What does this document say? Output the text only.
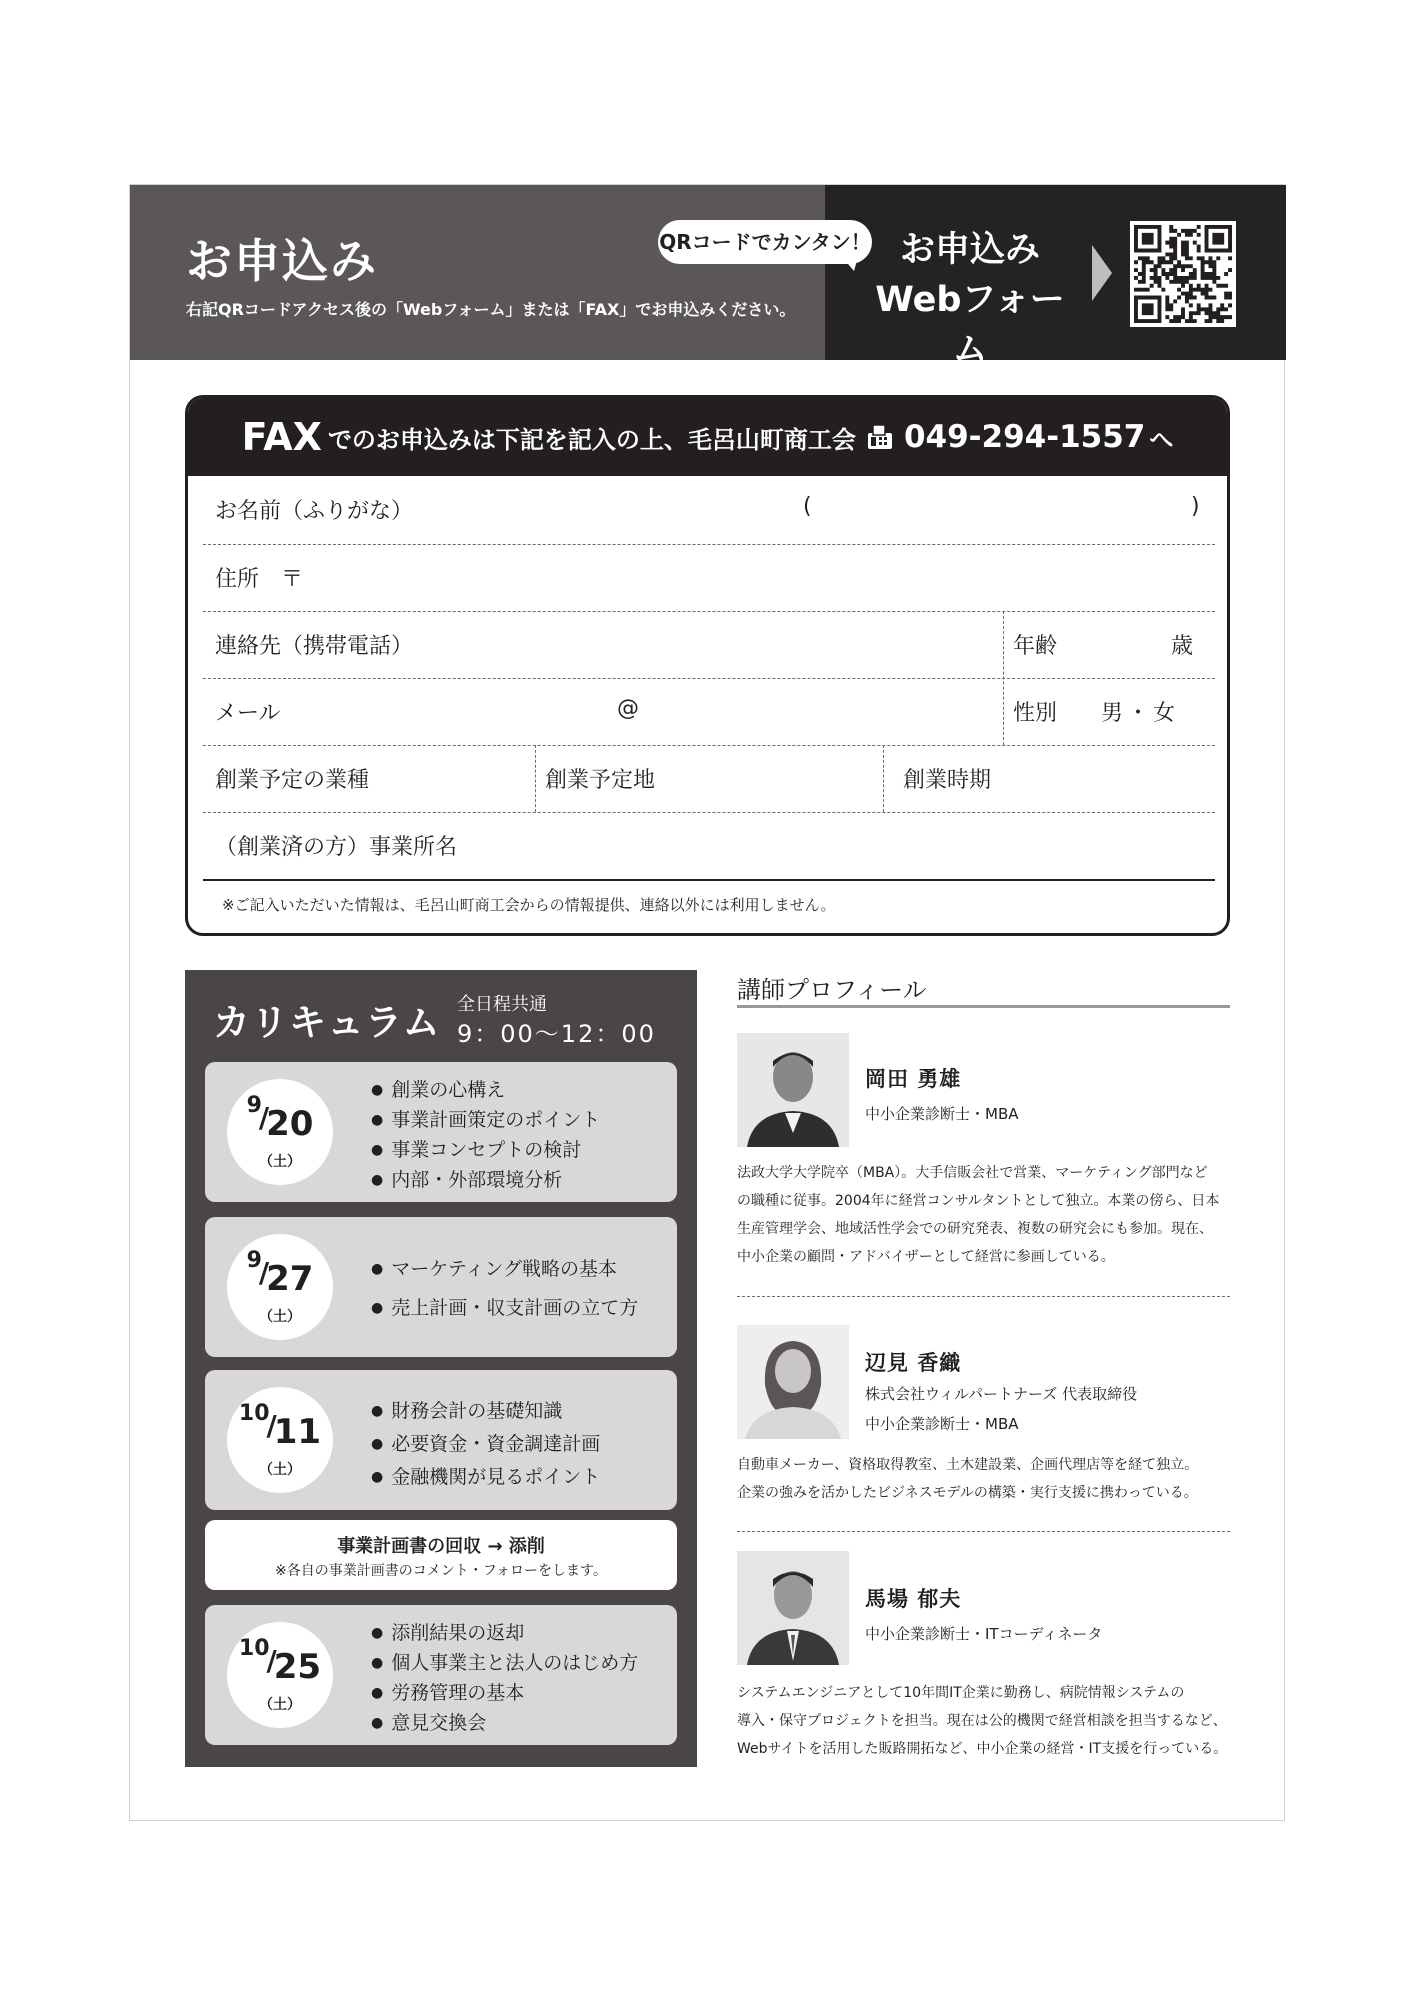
お申込み
右記QRコードアクセス後の「Webフォーム」または「FAX」でお申込みください。
QRコードでカンタン！ お申込み
Webフォーム
FAX でのお申込みは下記を記入の上、毛呂山町商工会 049-294-1557 へ
お名前（ふりがな）	(	)
住所　〒
連絡先（携帯電話）	年齢	歳
メール	@	性別 男・女
創業予定の業種	創業予定地	創業時期
（創業済の方）事業所名
※ご記入いただいた情報は、毛呂山町商工会からの情報提供、連絡以外には利用しません。
カリキュラム 全日程共通
9：00〜12：00
9/20
（土）
● 創業の心構え
● 事業計画策定のポイント
● 事業コンセプトの検討
● 内部・外部環境分析
9/27
（土）
● マーケティング戦略の基本
● 売上計画・収支計画の立て方
10/11
（土）
● 財務会計の基礎知識
● 必要資金・資金調達計画
● 金融機関が見るポイント
事業計画書の回収 → 添削
※各自の事業計画書のコメント・フォローをします。
10/25
（土）
● 添削結果の返却
● 個人事業主と法人のはじめ方
● 労務管理の基本
● 意見交換会
講師プロフィール
岡田 勇雄
中小企業診断士・MBA
法政大学大学院卒（MBA）。大手信販会社で営業、マーケティング部門など
の職種に従事。2004年に経営コンサルタントとして独立。本業の傍ら、日本
生産管理学会、地域活性学会での研究発表、複数の研究会にも参加。現在、
中小企業の顧問・アドバイザーとして経営に参画している。
辺見 香織
株式会社ウィルパートナーズ 代表取締役
中小企業診断士・MBA
自動車メーカー、資格取得教室、土木建設業、企画代理店等を経て独立。
企業の強みを活かしたビジネスモデルの構築・実行支援に携わっている。
馬場 郁夫
中小企業診断士・ITコーディネータ
システムエンジニアとして10年間IT企業に勤務し、病院情報システムの
導入・保守プロジェクトを担当。現在は公的機関で経営相談を担当するなど、
Webサイトを活用した販路開拓など、中小企業の経営・IT支援を行っている。
